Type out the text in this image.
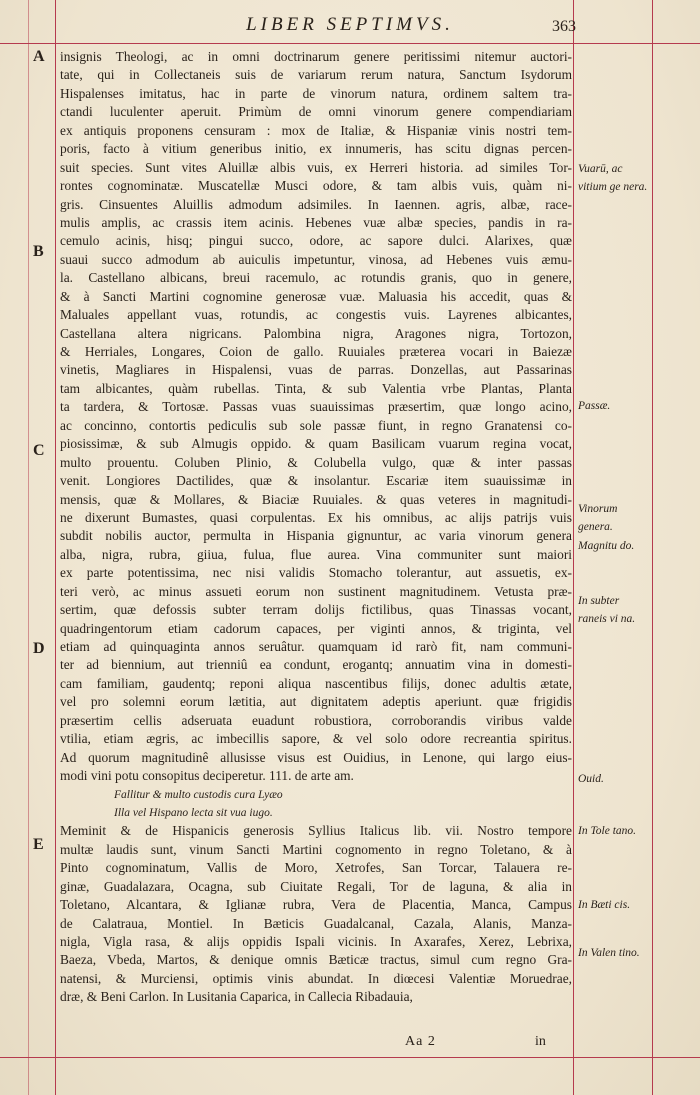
LIBER SEPTIMVS.	363
A
B
C
D
E
insignis Theologi, ac in omni doctrinarum genere peritissimi nitemur auctori-
tate, qui in Collectaneis suis de variarum rerum natura, Sanctum Isydorum
Hispalenses imitatus, hac in parte de vinorum natura, ordinem saltem tra-
ctandi luculenter aperuit. Primùm de omni vinorum genere compendiariam
ex antiquis proponens censuram : mox de Italiæ, & Hispaniæ vinis nostri tem-
poris, facto à vitium generibus initio, ex innumeris, has scitu dignas percen-
suit species. Sunt vites Aluillæ albis vuis, ex Herreri historia. ad similes Tor-
rontes cognominatæ. Muscatellæ Musci odore, & tam albis vuis, quàm ni-
gris. Cinsuentes Aluillis admodum adsimiles. In Iaennen. agris, albæ, race-
mulis amplis, ac crassis item acinis. Hebenes vuæ albæ species, pandis in ra-
cemulo acinis, hisq; pingui succo, odore, ac sapore dulci. Alarixes, quæ
suaui succo admodum ab auiculis impetuntur, vinosa, ad Hebenes vuis æmu-
la. Castellano albicans, breui racemulo, ac rotundis granis, quo in genere,
& à Sancti Martini cognomine generosæ vuæ. Maluasia his accedit, quas &
Maluales appellant vuas, rotundis, ac congestis vuis. Layrenes albicantes,
Castellana altera nigricans. Palombina nigra, Aragones nigra, Tortozon,
& Herriales, Longares, Coion de gallo. Ruuiales præterea vocari in Baiezæ
vinetis, Magliares in Hispalensi, vuas de parras. Donzellas, aut Passarinas
tam albicantes, quàm rubellas. Tinta, & sub Valentia vrbe Plantas, Planta
ta tardera, & Tortosæ. Passas vuas suauissimas præsertim, quæ longo acino,
ac concinno, contortis pediculis sub sole passæ fiunt, in regno Granatensi co-
piosissimæ, & sub Almugis oppido. & quam Basilicam vuarum regina vocat,
multo prouentu. Coluben Plinio, & Colubella vulgo, quæ & inter passas
venit. Longiores Dactilides, quæ & insolantur. Escariæ item suauissimæ in
mensis, quæ & Mollares, & Biaciæ Ruuiales. & quas veteres in magnitudi-
ne dixerunt Bumastes, quasi corpulentas. Ex his omnibus, ac alijs patrijs vuis
subdit nobilis auctor, permulta in Hispania gignuntur, ac varia vinorum genera
alba, nigra, rubra, giiua, fulua, flue aurea. Vina communiter sunt maiori
ex parte potentissima, nec nisi validis Stomacho tolerantur, aut assuetis, ex-
teri verò, ac minus assueti eorum non sustinent magnitudinem. Vetusta præ-
sertim, quæ defossis subter terram dolijs fictilibus, quas Tinassas vocant,
quadringentorum etiam cadorum capaces, per viginti annos, & triginta, vel
etiam ad quinquaginta annos seruâtur. quamquam id rarò fit, nam communi-
ter ad biennium, aut trienniû ea condunt, erogantq; annuatim vina in domesti-
cam familiam, gaudentq; reponi aliqua nascentibus filijs, donec adultis ætate,
vel pro solemni eorum lætitia, aut dignitatem adeptis aperiunt. quæ frigidis
præsertim cellis adseruata euadunt robustiora, corroborandis viribus valde
vtilia, etiam ægris, ac imbecillis sapore, & vel solo odore recreantia spiritus.
Ad quorum magnitudinê allusisse visus est Ouidius, in Lenone, qui largo eius-
modi vini potu consopitus deciperetur. 111. de arte am.
Fallitur & multo custodis cura Lyæo
Illa vel Hispano lecta sit vua iugo.
Meminit & de Hispanicis generosis Syllius Italicus lib. vii. Nostro tempore
multæ laudis sunt, vinum Sancti Martini cognomento in regno Toletano, & à
Pinto cognominatum, Vallis de Moro, Xetrofes, San Torcar, Talauera re-
ginæ, Guadalazara, Ocagna, sub Ciuitate Regali, Tor de laguna, & alia in
Toletano, Alcantara, & Iglianæ rubra, Vera de Placentia, Manca, Campus
de Calatraua, Montiel. In Bæticis Guadalcanal, Cazala, Alanis, Manza-
nigla, Vigla rasa, & alijs oppidis Ispali vicinis. In Axarafes, Xerez, Lebrixa,
Baeza, Vbeda, Martos, & denique omnis Bæticæ tractus, simul cum regno Gra-
natensi, & Murciensi, optimis vinis abundat. In diœcesi Valentiæ Moruedrae,
dræ, & Beni Carlon. In Lusitania Caparica, in Callecia Ribadauia,
Vuarū, ac vitium ge nera.
Passæ.
Vinorum genera. Magnitu do.
In subter raneis vi na.
Ouid.
In Tole tano.
In Bæti cis.
In Valen tino.
Aa 2	in
